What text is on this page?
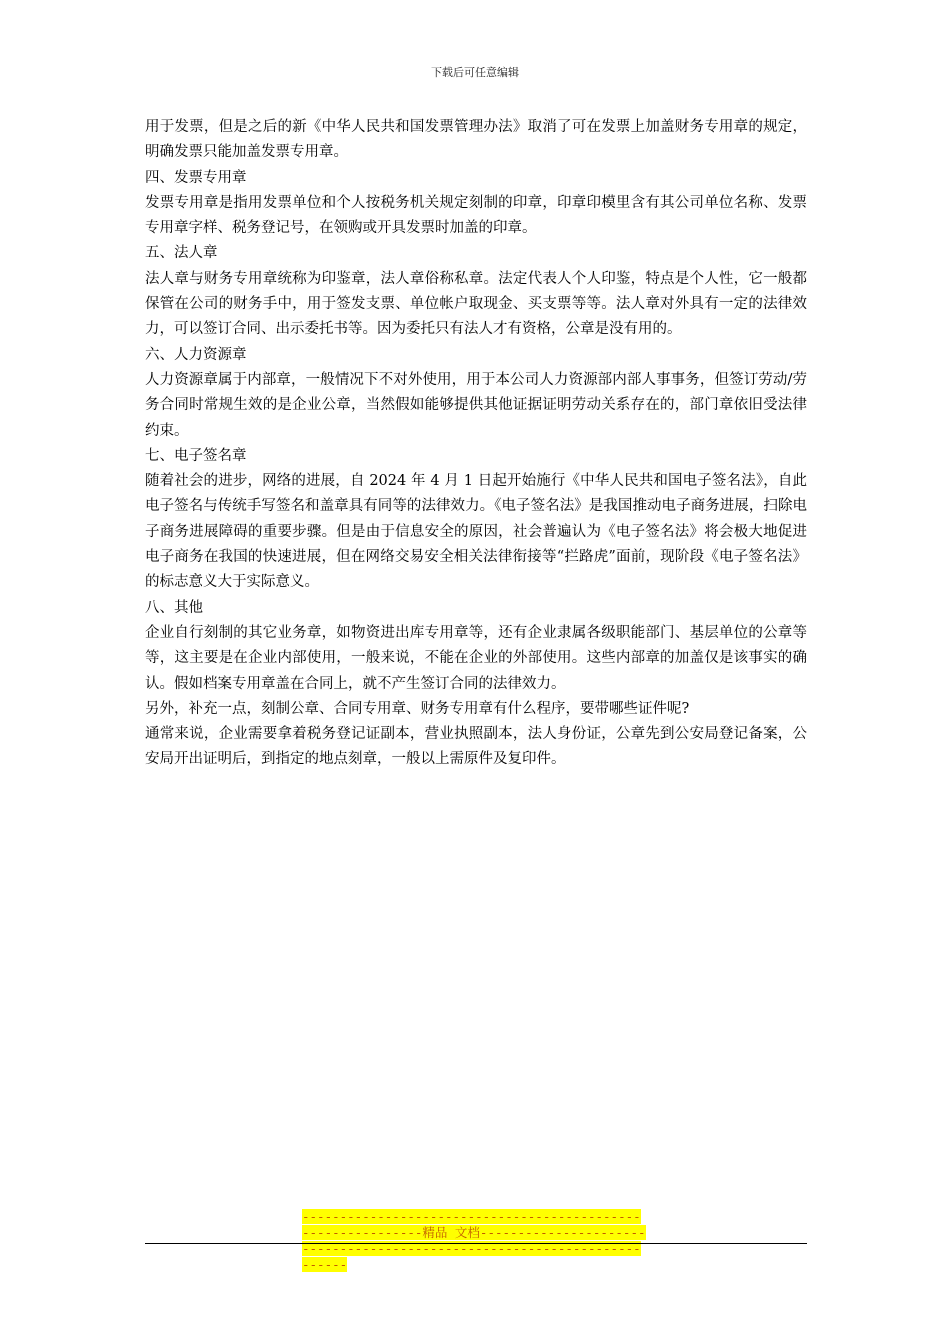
下载后可任意编辑

用于发票，但是之后的新《中华人民共和国发票管理办法》取消了可在发票上加盖财务专用章的规定，明确发票只能加盖发票专用章。

四、发票专用章

发票专用章是指用发票单位和个人按税务机关规定刻制的印章，印章印模里含有其公司单位名称、发票专用章字样、税务登记号，在领购或开具发票时加盖的印章。

五、法人章

法人章与财务专用章统称为印鉴章，法人章俗称私章。法定代表人个人印鉴，特点是个人性，它一般都保管在公司的财务手中，用于签发支票、单位帐户取现金、买支票等等。法人章对外具有一定的法律效力，可以签订合同、出示委托书等。因为委托只有法人才有资格，公章是没有用的。

六、人力资源章

人力资源章属于内部章，一般情况下不对外使用，用于本公司人力资源部内部人事事务，但签订劳动/劳务合同时常规生效的是企业公章，当然假如能够提供其他证据证明劳动关系存在的，部门章依旧受法律约束。

七、电子签名章

随着社会的进步，网络的进展，自 2024 年 4 月 1 日起开始施行《中华人民共和国电子签名法》，自此电子签名与传统手写签名和盖章具有同等的法律效力。《电子签名法》是我国推动电子商务进展，扫除电子商务进展障碍的重要步骤。但是由于信息安全的原因，社会普遍认为《电子签名法》将会极大地促进电子商务在我国的快速进展，但在网络交易安全相关法律衔接等“拦路虎”面前，现阶段《电子签名法》的标志意义大于实际意义。

八、其他

企业自行刻制的其它业务章，如物资进出库专用章等，还有企业隶属各级职能部门、基层单位的公章等等，这主要是在企业内部使用，一般来说，不能在企业的外部使用。这些内部章的加盖仅是该事实的确认。假如档案专用章盖在合同上，就不产生签订合同的法律效力。

另外，补充一点，刻制公章、合同专用章、财务专用章有什么程序，要带哪些证件呢?

通常来说，企业需要拿着税务登记证副本，营业执照副本，法人身份证，公章先到公安局登记备案，公安局开出证明后，到指定的地点刻章，一般以上需原件及复印件。

-------------------------------------------------------------精品 文档-------------------------------------------------------------------------
